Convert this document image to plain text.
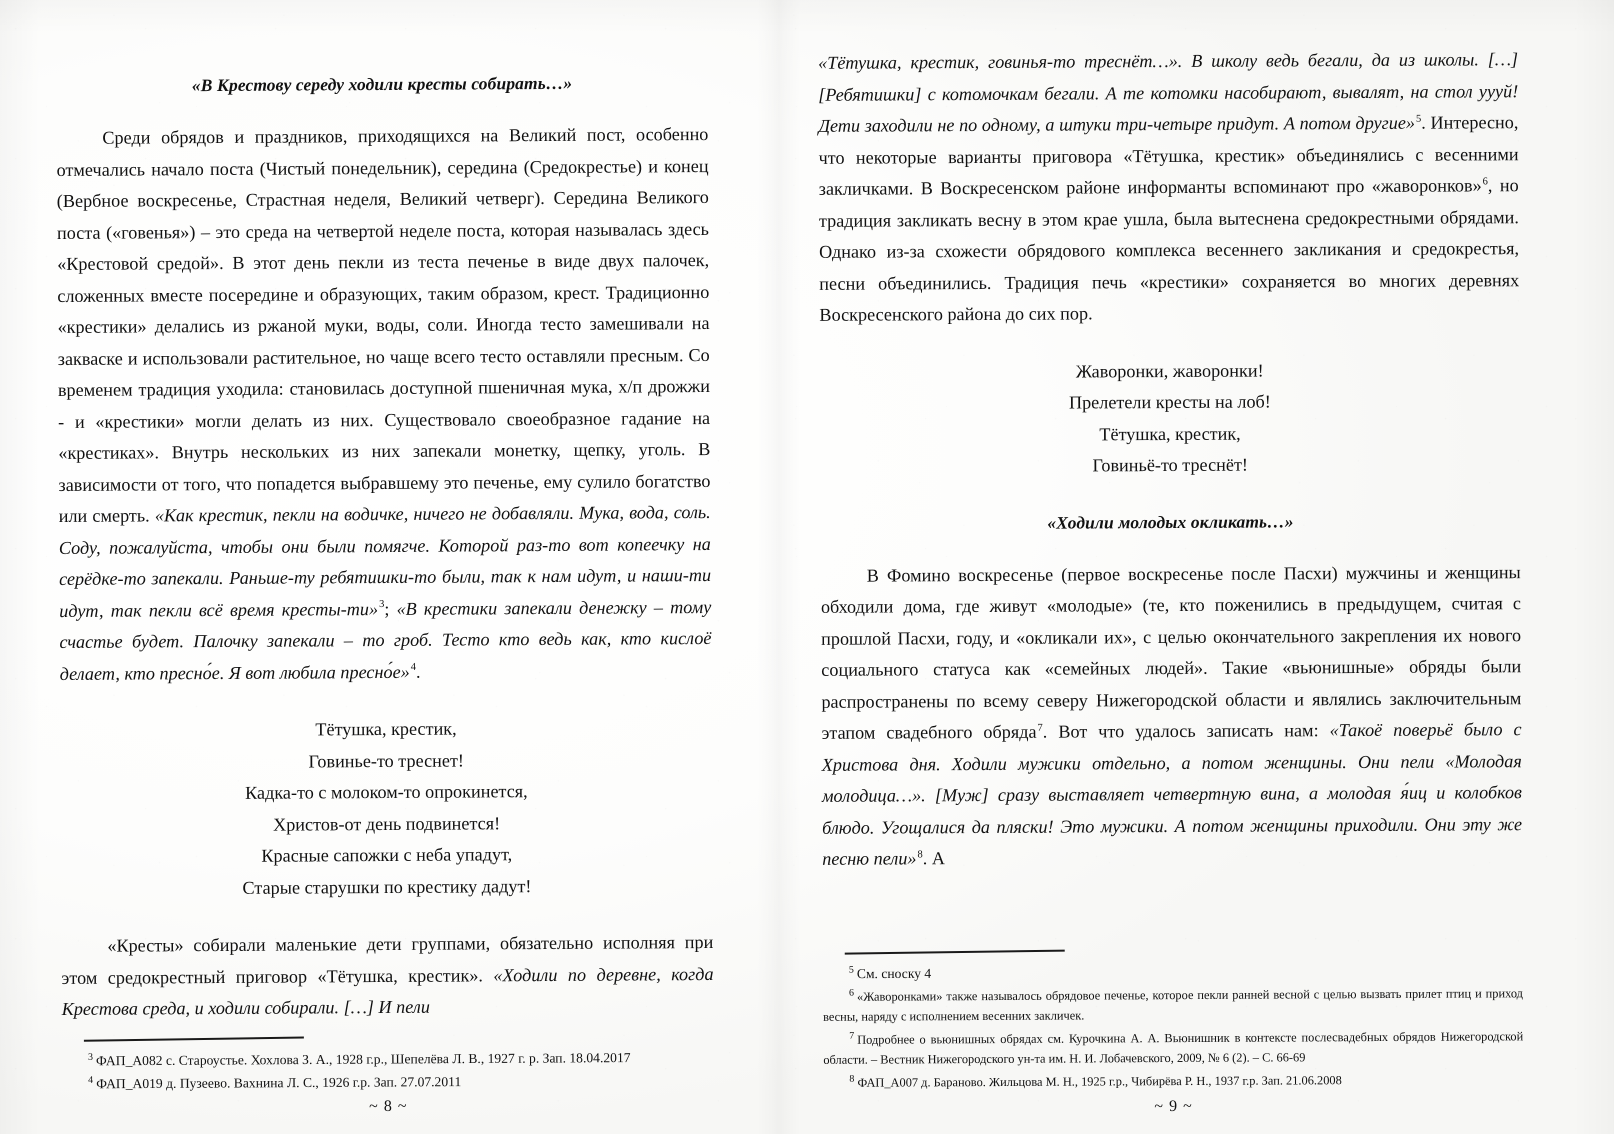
«В Крестову середу ходили кресты собирать…»

Среди обрядов и праздников, приходящихся на Великий пост, особенно отмечались начало поста (Чистый понедельник), середина (Средокрестье) и конец (Вербное воскресенье, Страстная неделя, Великий четверг). Середина Великого поста («говенья») – это среда на четвертой неделе поста, которая называлась здесь «Крестовой средой». В этот день пекли из теста печенье в виде двух палочек, сложенных вместе посередине и образующих, таким образом, крест. Традиционно «крестики» делались из ржаной муки, воды, соли. Иногда тесто замешивали на закваске и использовали растительное, но чаще всего тесто оставляли пресным. Со временем традиция уходила: становилась доступной пшеничная мука, х/п дрожжи - и «крестики» могли делать из них. Существовало своеобразное гадание на «крестиках». Внутрь нескольких из них запекали монетку, щепку, уголь. В зависимости от того, что попадется выбравшему это печенье, ему сулило богатство или смерть. «Как крестик, пекли на водичке, ничего не добавляли. Мука, вода, соль. Соду, пожалуйста, чтобы они были помягче. Которой раз-то вот копеечку на серёдке-то запекали. Раньше-ту ребятишки-то были, так к нам идут, и наши-ти идут, так пекли всё время кресты-ти»$^3$; «В крестики запекали денежку – тому счастье будет. Палочку запекали – то гроб. Тесто кто ведь как, кто кислоё делает, кто пресно́е. Я вот любила пресно́е»$^4$.

Тётушка, крестик,
Говинье-то треснет!
Кадка-то с молоком-то опрокинется,
Христов-от день подвинется!
Красные сапожки с неба упадут,
Старые старушки по крестику дадут!

«Кресты» собирали маленькие дети группами, обязательно исполняя при этом средокрестный приговор «Тётушка, крестик». «Ходили по деревне, когда Крестова среда, и ходили собирали. […] И пели

$^3$ ФАП_А082 с. Староустье. Хохлова З. А., 1928 г.р., Шепелёва Л. В., 1927 г. р. Зап. 18.04.2017

$^4$ ФАП_А019 д. Пузеево. Вахнина Л. С., 1926 г.р. Зап. 27.07.2011

~ 8 ~

«Тётушка, крестик, говинья-то треснёт…». В школу ведь бегали, да из школы. […] [Ребятишки] с котомочкам бегали. А те котомки насобирают, вывалят, на стол уууй! Дети заходили не по одному, а штуки три-четыре придут. А потом другие»$^5$. Интересно, что некоторые варианты приговора «Тётушка, крестик» объединялись с весенними закличками. В Воскресенском районе информанты вспоминают про «жаворонков»$^6$, но традиция закликать весну в этом крае ушла, была вытеснена средокрестными обрядами. Однако из-за схожести обрядового комплекса весеннего закликания и средокрестья, песни объединились. Традиция печь «крестики» сохраняется во многих деревнях Воскресенского района до сих пор.

Жаворонки, жаворонки!
Прелетели кресты на лоб!
Тётушка, крестик,
Говиньё-то треснёт!
«Ходили молодых окликать…»

В Фомино воскресенье (первое воскресенье после Пасхи) мужчины и женщины обходили дома, где живут «молодые» (те, кто поженились в предыдущем, считая с прошлой Пасхи, году, и «окликали их», с целью окончательного закрепления их нового социального статуса как «семейных людей». Такие «вьюнишные» обряды были распространены по всему северу Нижегородской области и являлись заключительным этапом свадебного обряда$^7$. Вот что удалось записать нам: «Такоё поверьё было с Христова дня. Ходили мужики отдельно, а потом женщины. Они пели «Молодая молодица…». [Муж] сразу выставляет четвертную вина, а молодая я́иц и колобков блюдо. Угощалися да пляски! Это мужики. А потом женщины приходили. Они эту же песню пели»$^8$. А

$^5$ См. сноску 4

$^6$ «Жаворонками» также называлось обрядовое печенье, которое пекли ранней весной с целью вызвать прилет птиц и приход весны, наряду с исполнением весенних закличек.

$^7$ Подробнее о вьюнишных обрядах см. Курочкина А. А. Вьюнишник в контексте послесвадебных обрядов Нижегородской области. – Вестник Нижегородского ун-та им. Н. И. Лобачевского, 2009, № 6 (2). – С. 66-69

$^8$ ФАП_А007 д. Бараново. Жильцова М. Н., 1925 г.р., Чибирёва Р. Н., 1937 г.р. Зап. 21.06.2008

~ 9 ~
